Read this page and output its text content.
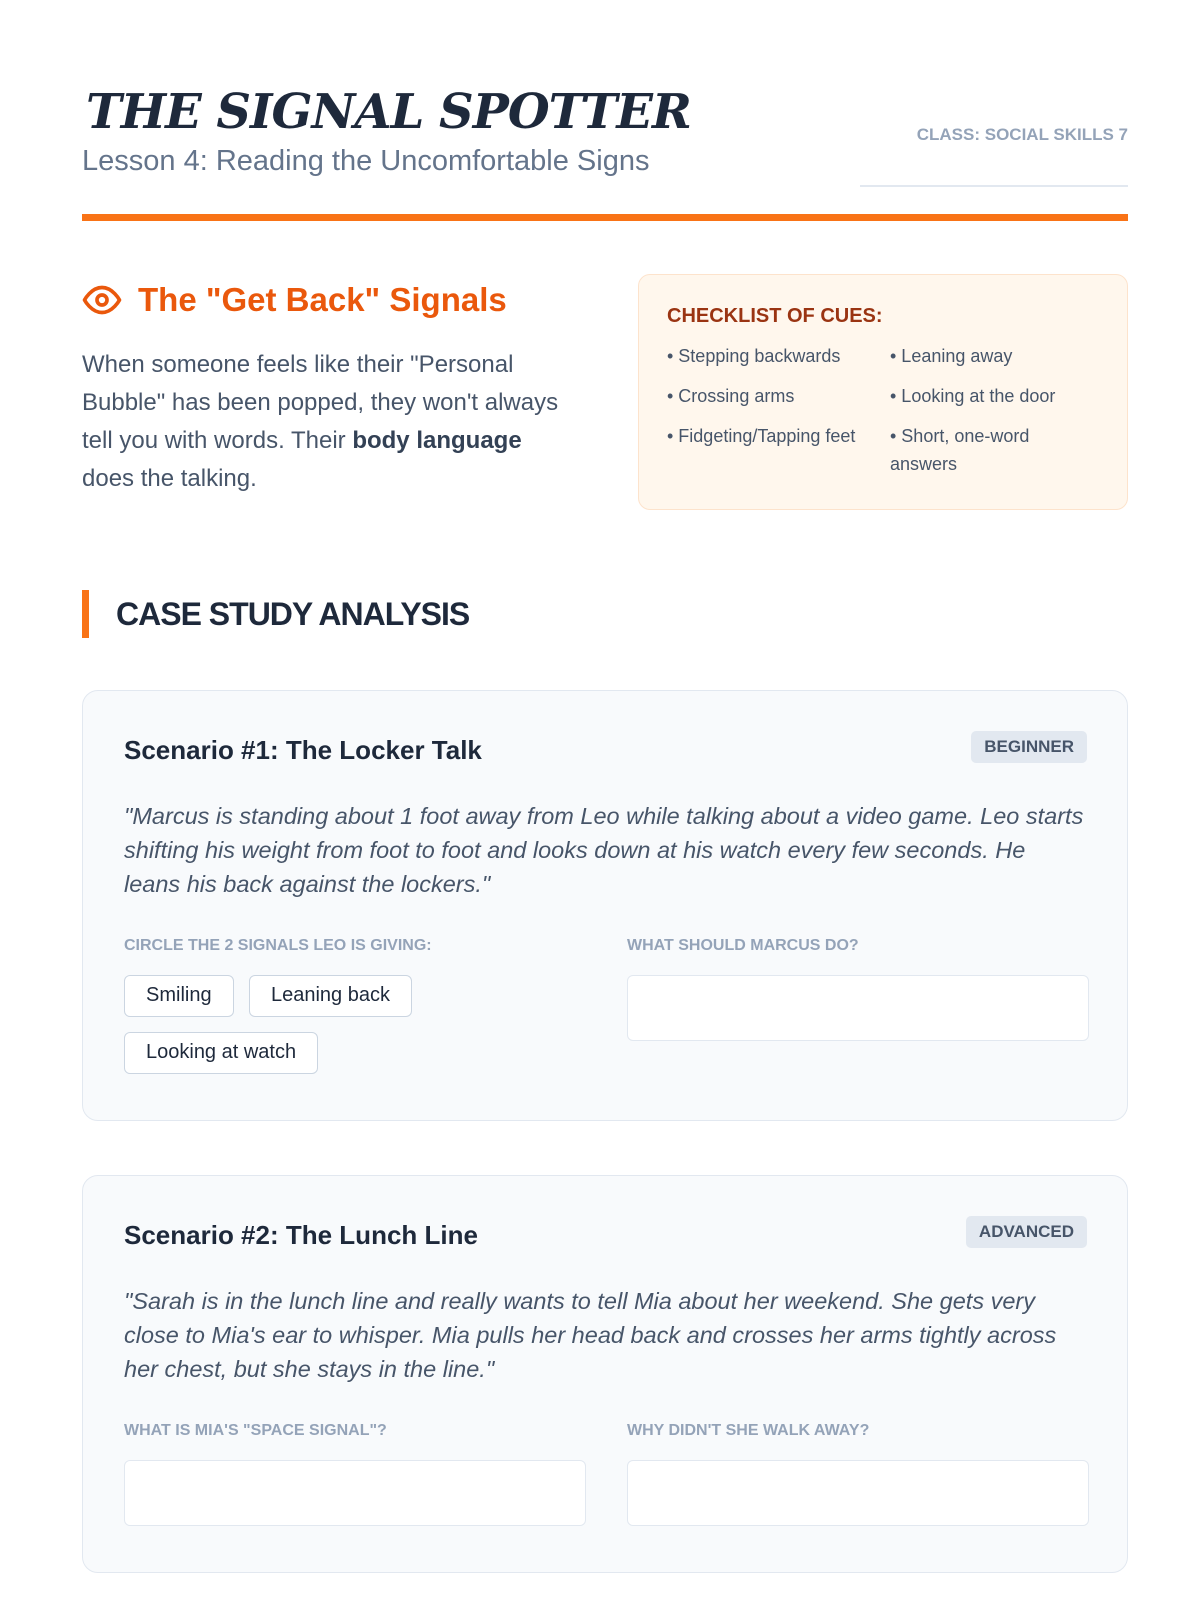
THE SIGNAL SPOTTER
Lesson 4: Reading the Uncomfortable Signs
CLASS: SOCIAL SKILLS 7
The "Get Back" Signals

When someone feels like their "Personal Bubble" has been popped, they won't always tell you with words. Their body language does the talking.

CHECKLIST OF CUES:
• Stepping backwards	• Leaning away
• Crossing arms	• Looking at the door
• Fidgeting/Tapping feet	• Short, one-word answers
CASE STUDY ANALYSIS
Scenario #1: The Locker Talk	BEGINNER

"Marcus is standing about 1 foot away from Leo while talking about a video game. Leo starts shifting his weight from foot to foot and looks down at his watch every few seconds. He leans his back against the lockers."

CIRCLE THE 2 SIGNALS LEO IS GIVING:
Smiling	Leaning back
Looking at watch
WHAT SHOULD MARCUS DO?
Scenario #2: The Lunch Line	ADVANCED

"Sarah is in the lunch line and really wants to tell Mia about her weekend. She gets very close to Mia's ear to whisper. Mia pulls her head back and crosses her arms tightly across her chest, but she stays in the line."

WHAT IS MIA'S "SPACE SIGNAL"?	WHY DIDN'T SHE WALK AWAY?
